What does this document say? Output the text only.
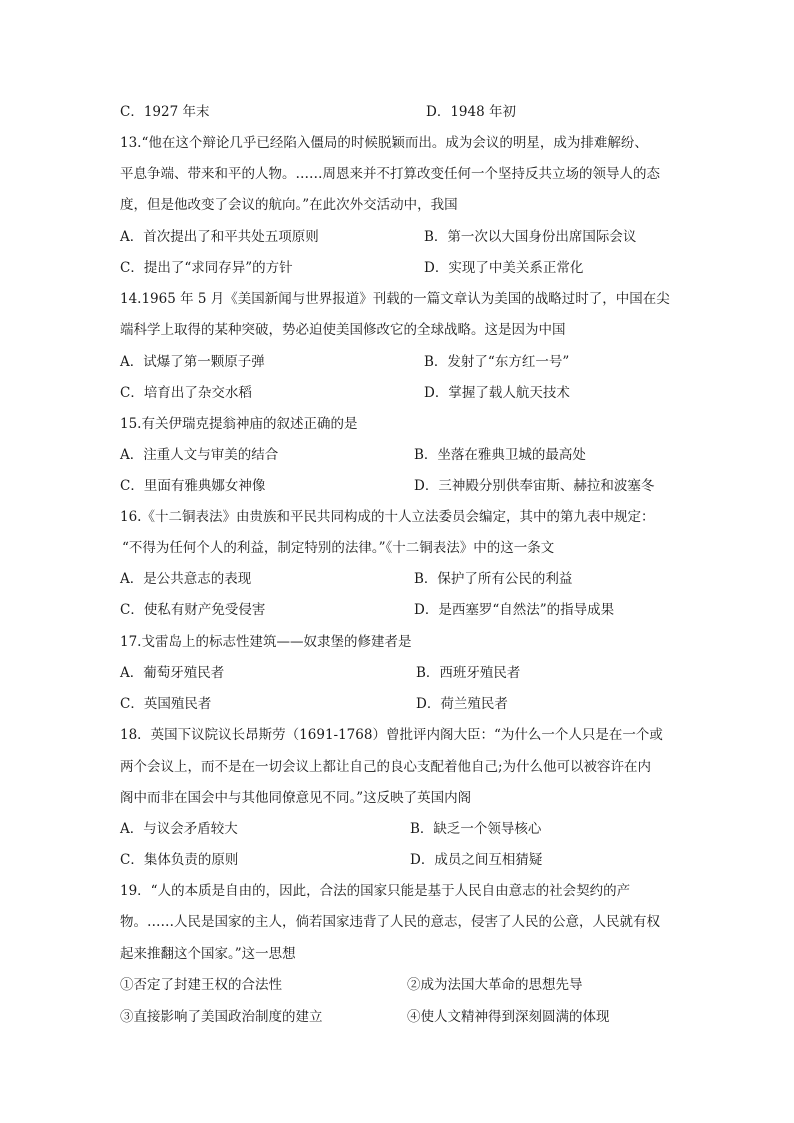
C．1927 年末	D．1948 年初
13.“他在这个辩论几乎已经陷入僵局的时候脱颖而出。成为会议的明星，成为排难解纷、
平息争端、带来和平的人物。……周恩来并不打算改变任何一个坚持反共立场的领导人的态
度，但是他改变了会议的航向。”在此次外交活动中，我国
A．首次提出了和平共处五项原则	B．第一次以大国身份出席国际会议
C．提出了“求同存异”的方针	D．实现了中美关系正常化
14.1965 年 5 月《美国新闻与世界报道》刊载的一篇文章认为美国的战略过时了，中国在尖
端科学上取得的某种突破，势必迫使美国修改它的全球战略。这是因为中国
A．试爆了第一颗原子弹	B．发射了“东方红一号”
C．培育出了杂交水稻	D．掌握了载人航天技术
15.有关伊瑞克提翁神庙的叙述正确的是
A．注重人文与审美的结合	B．坐落在雅典卫城的最高处
C．里面有雅典娜女神像	D．三神殿分别供奉宙斯、赫拉和波塞冬
16.《十二铜表法》由贵族和平民共同构成的十人立法委员会编定，其中的第九表中规定：
“不得为任何个人的利益，制定特别的法律。”《十二铜表法》中的这一条文
A．是公共意志的表现	B．保护了所有公民的利益
C．使私有财产免受侵害	D．是西塞罗“自然法”的指导成果
17.戈雷岛上的标志性建筑——奴隶堡的修建者是
A．葡萄牙殖民者	B．西班牙殖民者
C．英国殖民者	D．荷兰殖民者
18．英国下议院议长昂斯劳（1691-1768）曾批评内阁大臣：“为什么一个人只是在一个或
两个会议上，而不是在一切会议上都让自己的良心支配着他自己;为什么他可以被容许在内
阁中而非在国会中与其他同僚意见不同。”这反映了英国内阁
A．与议会矛盾较大	B．缺乏一个领导核心
C．集体负责的原则	D．成员之间互相猜疑
19．“人的本质是自由的，因此，合法的国家只能是基于人民自由意志的社会契约的产
物。……人民是国家的主人，倘若国家违背了人民的意志，侵害了人民的公意，人民就有权
起来推翻这个国家。”这一思想
①否定了封建王权的合法性	②成为法国大革命的思想先导
③直接影响了美国政治制度的建立	④使人文精神得到深刻圆满的体现
